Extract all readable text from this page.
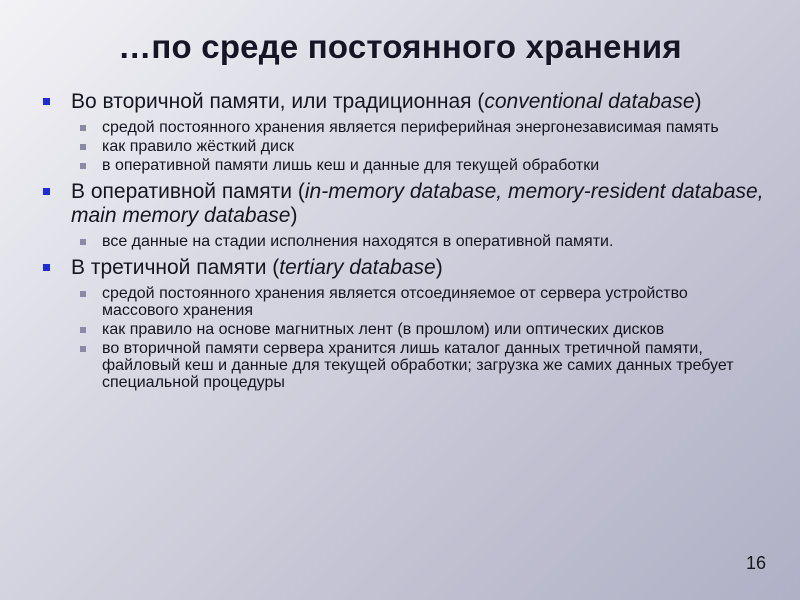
…по среде постоянного хранения
Во вторичной памяти, или традиционная (conventional database)
средой постоянного хранения является периферийная энергонезависимая память
как правило жёсткий диск
в оперативной памяти лишь кеш и данные для текущей обработки
В оперативной памяти (in-memory database, memory-resident database, main memory database)
все данные на стадии исполнения находятся в оперативной памяти.
В третичной памяти (tertiary database)
средой постоянного хранения является отсоединяемое от сервера устройство массового хранения
как правило на основе магнитных лент (в прошлом) или оптических дисков
во вторичной памяти сервера хранится лишь каталог данных третичной памяти, файловый кеш и данные для текущей обработки; загрузка же самих данных требует специальной процедуры
16
